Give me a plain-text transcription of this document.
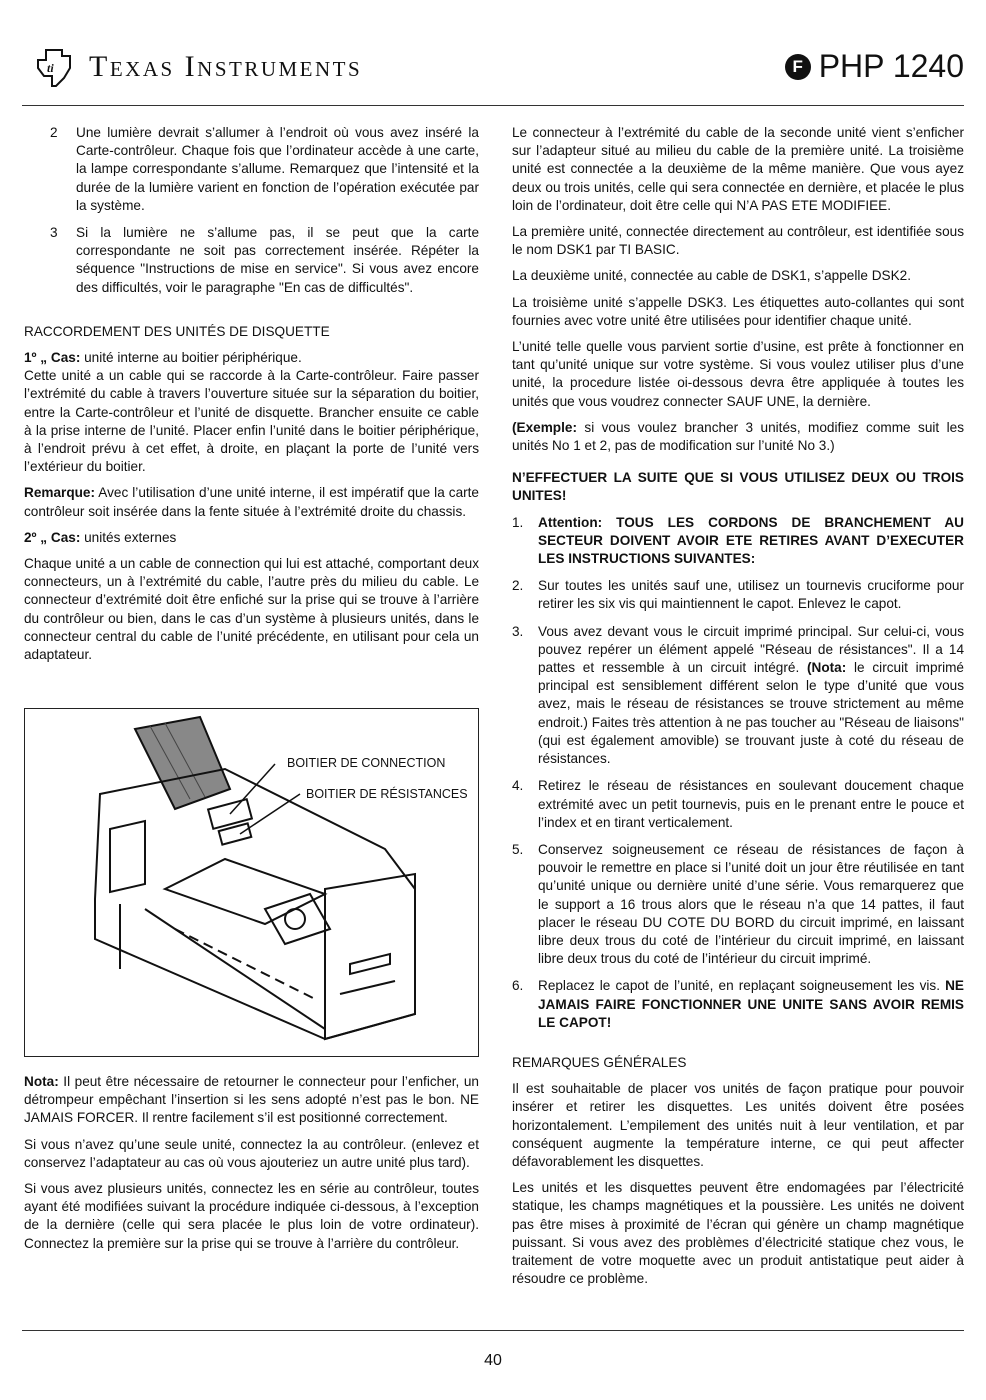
ti Texas Instruments	F PHP 1240
2	Une lumière devrait s’allumer à l’endroit où vous avez inséré la Carte-contrôleur. Chaque fois que l’ordinateur accède à une carte, la lampe correspondante s’allume. Remarquez que l’intensité et la durée de la lumière varient en fonction de l’opération exécutée par la système.
3	Si la lumière ne s’allume pas, il se peut que la carte correspondante ne soit pas correctement insérée. Répéter la séquence "Instructions de mise en service". Si vous avez encore des difficultés, voir le paragraphe "En cas de difficultés".
RACCORDEMENT DES UNITÉS DE DISQUETTE

1º „ Cas: unité interne au boitier périphérique.

Cette unité a un cable qui se raccorde à la Carte-contrôleur. Faire passer l’extrémité du cable à travers l’ouverture située sur la séparation du boitier, entre la Carte-contrôleur et l’unité de disquette. Brancher ensuite ce cable à la prise interne de l’unité. Placer enfin l’unité dans le boitier périphérique, à l’endroit prévu à cet effet, à droite, en plaçant la porte de l’unité vers l’extérieur du boitier.

Remarque: Avec l’utilisation d’une unité interne, il est impératif que la carte contrôleur soit insérée dans la fente située à l’extrémité droite du chassis.

2º „ Cas: unités externes

Chaque unité a un cable de connection qui lui est attaché, comportant deux connecteurs, un à l’extrémité du cable, l’autre près du milieu du cable. Le connecteur d’extrémité doit être enfiché sur la prise qui se trouve à l’arrière du contrôleur ou bien, dans le cas d’un système à plusieurs unités, dans le connecteur central du cable de l’unité précédente, en utilisant pour cela un adaptateur.

BOITIER DE CONNECTION
BOITIER DE RÉSISTANCES

Nota: Il peut être nécessaire de retourner le connecteur pour l’enficher, un détrompeur empêchant l’insertion si les sens adopté n’est pas le bon. NE JAMAIS FORCER. Il rentre facilement s’il est positionné correctement.

Si vous n’avez qu’une seule unité, connectez la au contrôleur. (enlevez et conservez l’adaptateur au cas où vous ajouteriez un autre unité plus tard).

Si vous avez plusieurs unités, connectez les en série au contrôleur, toutes ayant été modifiées suivant la procédure indiquée ci-dessous, à l’exception de la dernière (celle qui sera placée le plus loin de votre ordinateur). Connectez la première sur la prise qui se trouve à l’arrière du contrôleur.

Le connecteur à l’extrémité du cable de la seconde unité vient s’enficher sur l’adapteur situé au milieu du cable de la première unité. La troisième unité est connectée a la deuxième de la même manière. Que vous ayez deux ou trois unités, celle qui sera connectée en dernière, et placée le plus loin de l’ordinateur, doit être celle qui N’A PAS ETE MODIFIEE.

La première unité, connectée directement au contrôleur, est identifiée sous le nom DSK1 par TI BASIC.

La deuxième unité, connectée au cable de DSK1, s’appelle DSK2.

La troisième unité s’appelle DSK3. Les étiquettes auto-collantes qui sont fournies avec votre unité être utilisées pour identifier chaque unité.

L’unité telle quelle vous parvient sortie d’usine, est prête à fonctionner en tant qu’unité unique sur votre système. Si vous voulez utiliser plus d’une unité, la procedure listée oi-dessous devra être appliquée à toutes les unités que vous voudrez connecter SAUF UNE, la dernière.

(Exemple: si vous voulez brancher 3 unités, modifiez comme suit les unités No 1 et 2, pas de modification sur l’unité No 3.)

N’EFFECTUER LA SUITE QUE SI VOUS UTILISEZ DEUX OU TROIS UNITES!

1.	Attention: TOUS LES CORDONS DE BRANCHEMENT AU SECTEUR DOIVENT AVOIR ETE RETIRES AVANT D’EXECUTER LES INSTRUCTIONS SUIVANTES:
2.	Sur toutes les unités sauf une, utilisez un tournevis cruciforme pour retirer les six vis qui maintiennent le capot. Enlevez le capot.
3.	Vous avez devant vous le circuit imprimé principal. Sur celui-ci, vous pouvez repérer un élément appelé "Réseau de résistances". Il a 14 pattes et ressemble à un circuit intégré. (Nota: le circuit imprimé principal est sensiblement différent selon le type d’unité que vous avez, mais le réseau de résistances se trouve strictement au même endroit.) Faites très attention à ne pas toucher au "Réseau de liaisons" (qui est également amovible) se trouvant juste à coté du réseau de résistances.
4.	Retirez le réseau de résistances en soulevant doucement chaque extrémité avec un petit tournevis, puis en le prenant entre le pouce et l’index et en tirant verticalement.
5.	Conservez soigneusement ce réseau de résistances de façon à pouvoir le remettre en place si l’unité doit un jour être réutilisée en tant qu’unité unique ou dernière unité d’une série. Vous remarquerez que le support a 16 trous alors que le réseau n’a que 14 pattes, il faut placer le réseau DU COTE DU BORD du circuit imprimé, en laissant libre deux trous du coté de l’intérieur du circuit imprimé, en laissant libre deux trous du coté de l’intérieur du circuit imprimé.
6.	Replacez le capot de l’unité, en replaçant soigneusement les vis. NE JAMAIS FAIRE FONCTIONNER UNE UNITE SANS AVOIR REMIS LE CAPOT!
REMARQUES GÉNÉRALES

Il est souhaitable de placer vos unités de façon pratique pour pouvoir insérer et retirer les disquettes. Les unités doivent être posées horizontalement. L’empilement des unités nuit à leur ventilation, et par conséquent augmente la température interne, ce qui peut affecter défavorablement les disquettes.

Les unités et les disquettes peuvent être endomagées par l’électricité statique, les champs magnétiques et la poussière. Les unités ne doivent pas être mises à proximité de l’écran qui génère un champ magnétique puissant. Si vous avez des problèmes d’électricité statique chez vous, le traitement de votre moquette avec un produit antistatique peut aider à résoudre ce problème.

40
